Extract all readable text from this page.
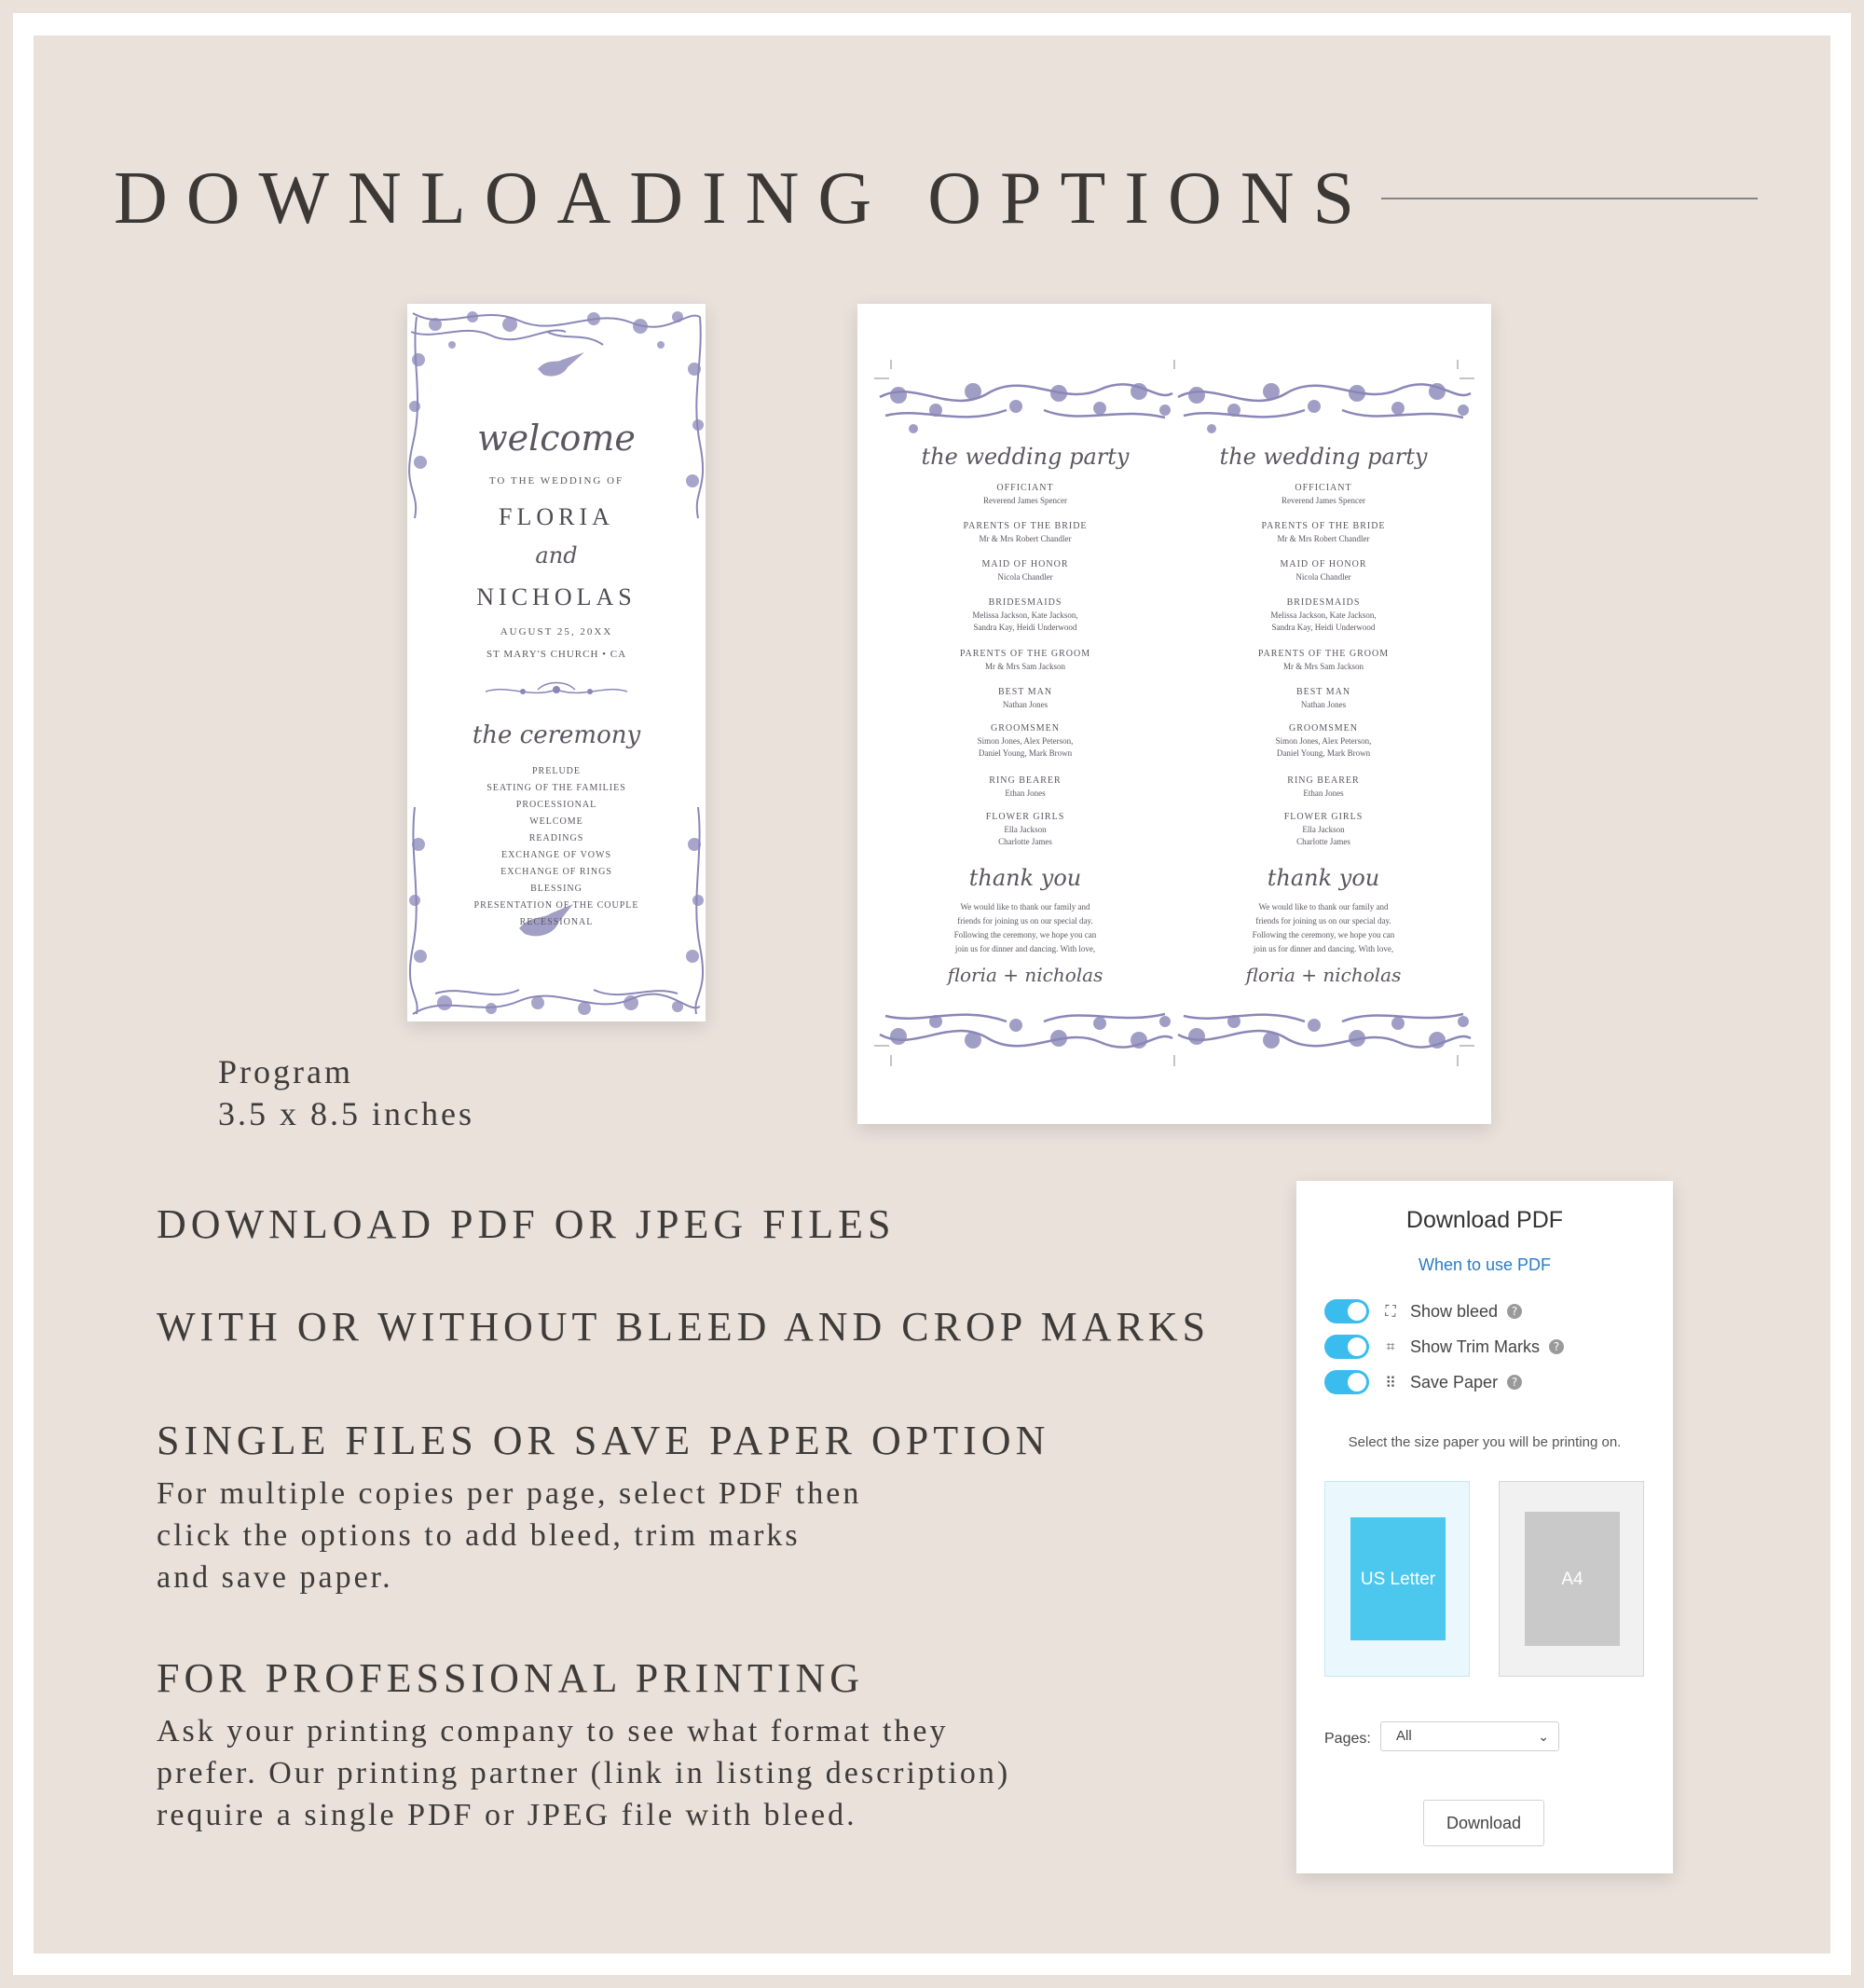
DOWNLOADING OPTIONS
welcome
TO THE WEDDING OF
FLORIA
and
NICHOLAS
AUGUST 25, 20XX
ST MARY'S CHURCH • CA
the ceremony
PRELUDE
SEATING OF THE FAMILIES
PROCESSIONAL
WELCOME
READINGS
EXCHANGE OF VOWS
EXCHANGE OF RINGS
BLESSING
PRESENTATION OF THE COUPLE
RECESSIONAL
Program
3.5 x 8.5 inches
the wedding party
OFFICIANT
Reverend James Spencer
PARENTS OF THE BRIDE
Mr & Mrs Robert Chandler
MAID OF HONOR
Nicola Chandler
BRIDESMAIDS
Melissa Jackson, Kate Jackson,
Sandra Kay, Heidi Underwood
PARENTS OF THE GROOM
Mr & Mrs Sam Jackson
BEST MAN
Nathan Jones
GROOMSMEN
Simon Jones, Alex Peterson,
Daniel Young, Mark Brown
RING BEARER
Ethan Jones
FLOWER GIRLS
Ella Jackson
Charlotte James
thank you
We would like to thank our family and
friends for joining us on our special day.
Following the ceremony, we hope you can
join us for dinner and dancing. With love,
floria + nicholas
the wedding party
OFFICIANT
Reverend James Spencer
PARENTS OF THE BRIDE
Mr & Mrs Robert Chandler
MAID OF HONOR
Nicola Chandler
BRIDESMAIDS
Melissa Jackson, Kate Jackson,
Sandra Kay, Heidi Underwood
PARENTS OF THE GROOM
Mr & Mrs Sam Jackson
BEST MAN
Nathan Jones
GROOMSMEN
Simon Jones, Alex Peterson,
Daniel Young, Mark Brown
RING BEARER
Ethan Jones
FLOWER GIRLS
Ella Jackson
Charlotte James
thank you
We would like to thank our family and
friends for joining us on our special day.
Following the ceremony, we hope you can
join us for dinner and dancing. With love,
floria + nicholas
DOWNLOAD PDF OR JPEG FILES
WITH OR WITHOUT BLEED AND CROP MARKS
SINGLE FILES OR SAVE PAPER OPTION
For multiple copies per page, select PDF then
click the options to add bleed, trim marks
and save paper.
FOR PROFESSIONAL PRINTING
Ask your printing company to see what format they
prefer. Our printing partner (link in listing description)
require a single PDF or JPEG file with bleed.
Download PDF
When to use PDF
⛶ Show bleed	?
⌗ Show Trim Marks	?
⠿ Save Paper	?
Select the size paper you will be printing on.
US Letter	A4
Pages:	All	⌄
Download
